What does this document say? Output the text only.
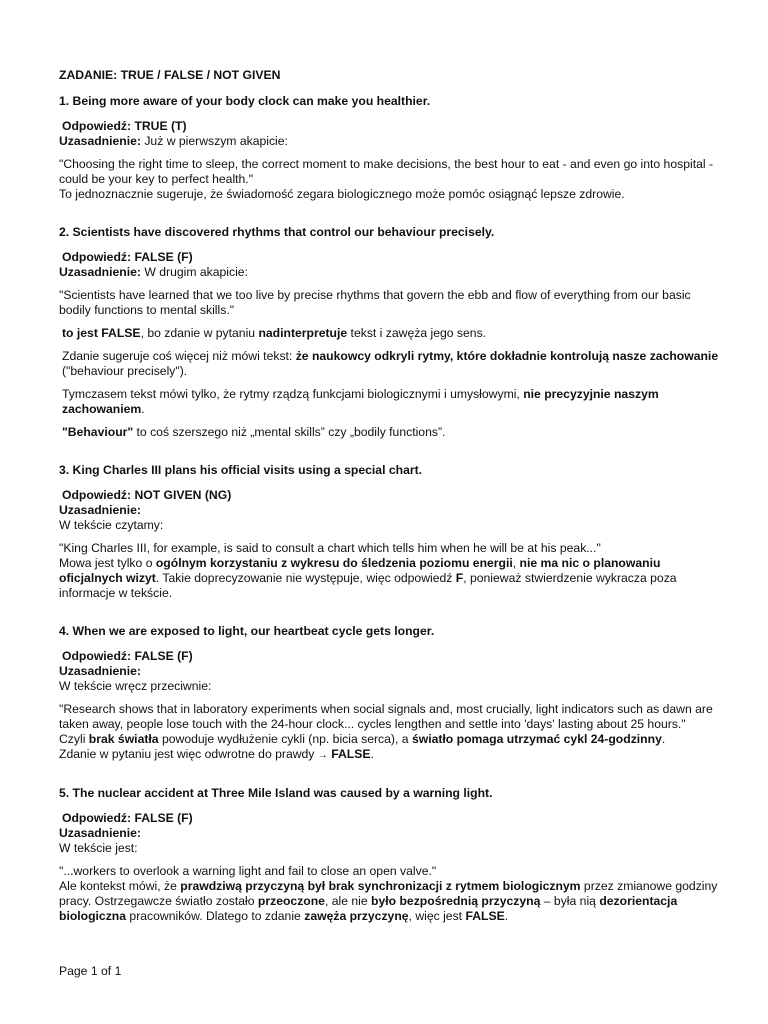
ZADANIE: TRUE / FALSE / NOT GIVEN
1. Being more aware of your body clock can make you healthier.
Odpowiedź: TRUE (T)
Uzasadnienie: Już w pierwszym akapicie:
"Choosing the right time to sleep, the correct moment to make decisions, the best hour to eat - and even go into hospital - could be your key to perfect health."
To jednoznacznie sugeruje, że świadomość zegara biologicznego może pomóc osiągnąć lepsze zdrowie.
2. Scientists have discovered rhythms that control our behaviour precisely.
Odpowiedź: FALSE (F)
Uzasadnienie: W drugim akapicie:
"Scientists have learned that we too live by precise rhythms that govern the ebb and flow of everything from our basic bodily functions to mental skills."
to jest FALSE, bo zdanie w pytaniu nadinterpretuje tekst i zawęża jego sens.
Zdanie sugeruje coś więcej niż mówi tekst: że naukowcy odkryli rytmy, które dokładnie kontrolują nasze zachowanie ("behaviour precisely").
Tymczasem tekst mówi tylko, że rytmy rządzą funkcjami biologicznymi i umysłowymi, nie precyzyjnie naszym zachowaniem.
"Behaviour" to coś szerszego niż „mental skills” czy „bodily functions”.
3. King Charles III plans his official visits using a special chart.
Odpowiedź: NOT GIVEN (NG)
Uzasadnienie:
W tekście czytamy:
"King Charles III, for example, is said to consult a chart which tells him when he will be at his peak..."
Mowa jest tylko o ogólnym korzystaniu z wykresu do śledzenia poziomu energii, nie ma nic o planowaniu oficjalnych wizyt. Takie doprecyzowanie nie występuje, więc odpowiedź F, ponieważ stwierdzenie wykracza poza informacje w tekście.
4. When we are exposed to light, our heartbeat cycle gets longer.
Odpowiedź: FALSE (F)
Uzasadnienie:
W tekście wręcz przeciwnie:
"Research shows that in laboratory experiments when social signals and, most crucially, light indicators such as dawn are taken away, people lose touch with the 24-hour clock... cycles lengthen and settle into 'days' lasting about 25 hours."
Czyli brak światła powoduje wydłużenie cykli (np. bicia serca), a światło pomaga utrzymać cykl 24-godzinny.
Zdanie w pytaniu jest więc odwrotne do prawdy → FALSE.
5. The nuclear accident at Three Mile Island was caused by a warning light.
Odpowiedź: FALSE (F)
Uzasadnienie:
W tekście jest:
"...workers to overlook a warning light and fail to close an open valve."
Ale kontekst mówi, że prawdziwą przyczyną był brak synchronizacji z rytmem biologicznym przez zmianowe godziny pracy. Ostrzegawcze światło zostało przeoczone, ale nie było bezpośrednią przyczyną – była nią dezorientacja biologiczna pracowników. Dlatego to zdanie zawęża przyczynę, więc jest FALSE.
Page 1 of 1
